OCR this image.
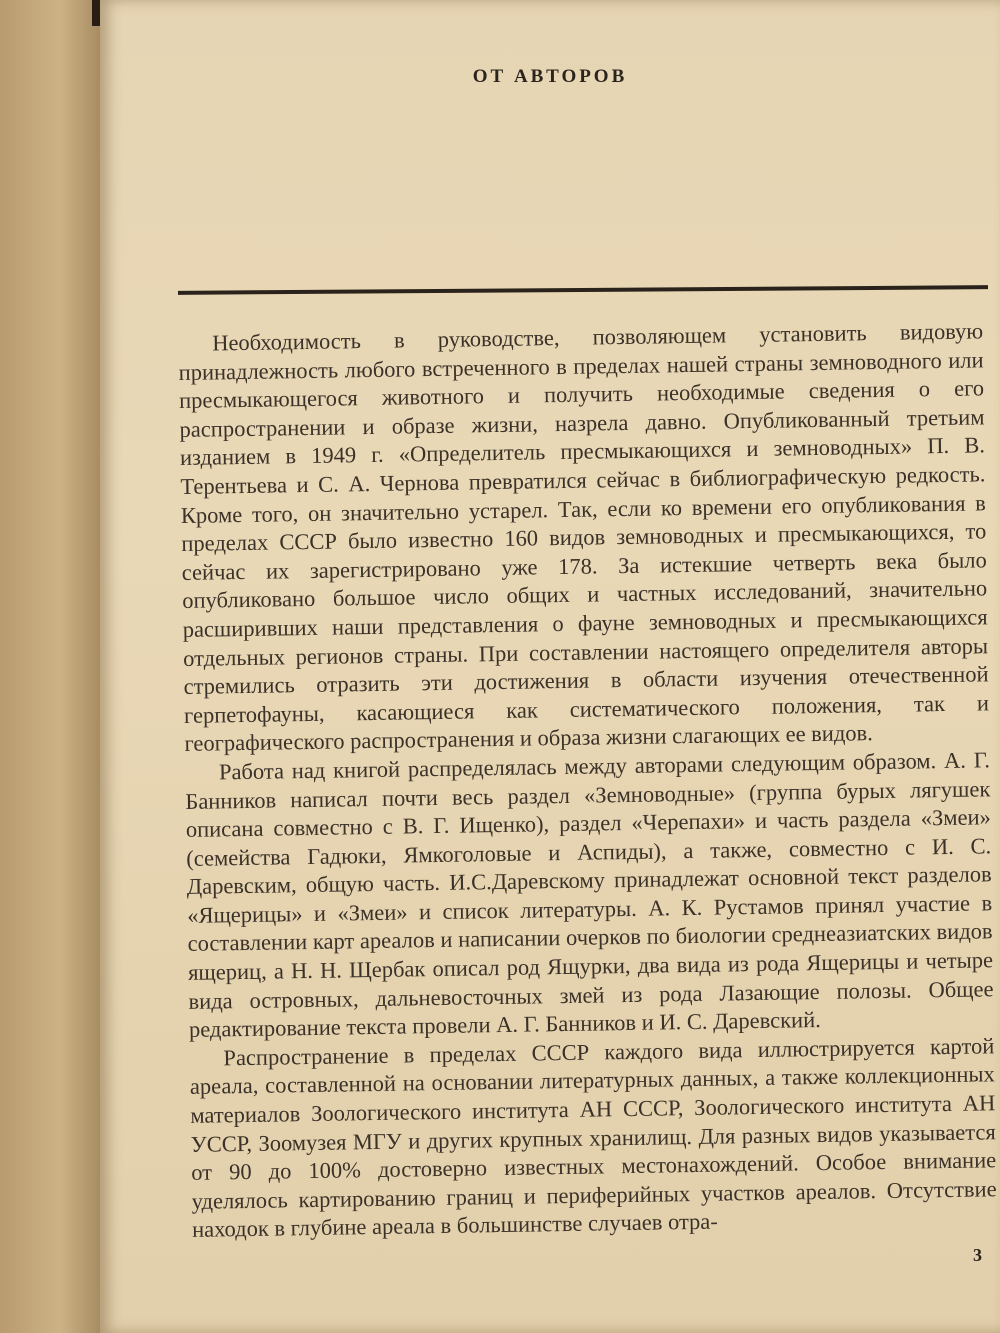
ОТ АВТОРОВ

Необходимость в руководстве, позволяющем установить видовую принадлежность любого встреченного в пределах нашей страны земноводного или пресмыкающегося животного и получить необходимые сведения о его распространении и образе жизни, назрела давно. Опубликованный третьим изданием в 1949 г. «Определитель пресмыкающихся и земноводных» П. В. Терентьева и С. А. Чернова превратился сейчас в библиографическую редкость. Кроме того, он значительно устарел. Так, если ко времени его опубликования в пределах СССР было известно 160 видов земноводных и пресмыкающихся, то сейчас их зарегистрировано уже 178. За истекшие четверть века было опубликовано большое число общих и частных исследований, значительно расширивших наши представления о фауне земноводных и пресмыкающихся отдельных регионов страны. При составлении настоящего определителя авторы стремились отразить эти достижения в области изучения отечественной герпетофауны, касающиеся как систематического положения, так и географического распространения и образа жизни слагающих ее видов.

Работа над книгой распределялась между авторами следующим образом. А. Г. Банников написал почти весь раздел «Земноводные» (группа бурых лягушек описана совместно с В. Г. Ищенко), раздел «Черепахи» и часть раздела «Змеи» (семейства Гадюки, Ямкоголовые и Аспиды), а также, совместно с И. С. Даревским, общую часть. И.С.Даревскому принадлежат основной текст разделов «Ящерицы» и «Змеи» и список литературы. А. К. Рустамов принял участие в составлении карт ареалов и написании очерков по биологии среднеазиатских видов ящериц, а Н. Н. Щербак описал род Ящурки, два вида из рода Ящерицы и четыре вида островных, дальневосточных змей из рода Лазающие полозы. Общее редактирование текста провели А. Г. Банников и И. С. Даревский.

Распространение в пределах СССР каждого вида иллюстрируется картой ареала, составленной на основании литературных данных, а также коллекционных материалов Зоологического института АН СССР, Зоологического института АН УССР, Зоомузея МГУ и других крупных хранилищ. Для разных видов указывается от 90 до 100% достоверно известных местонахождений. Особое внимание уделялось картированию границ и периферийных участков ареалов. Отсутствие находок в глубине ареала в большинстве случаев отра-

3
